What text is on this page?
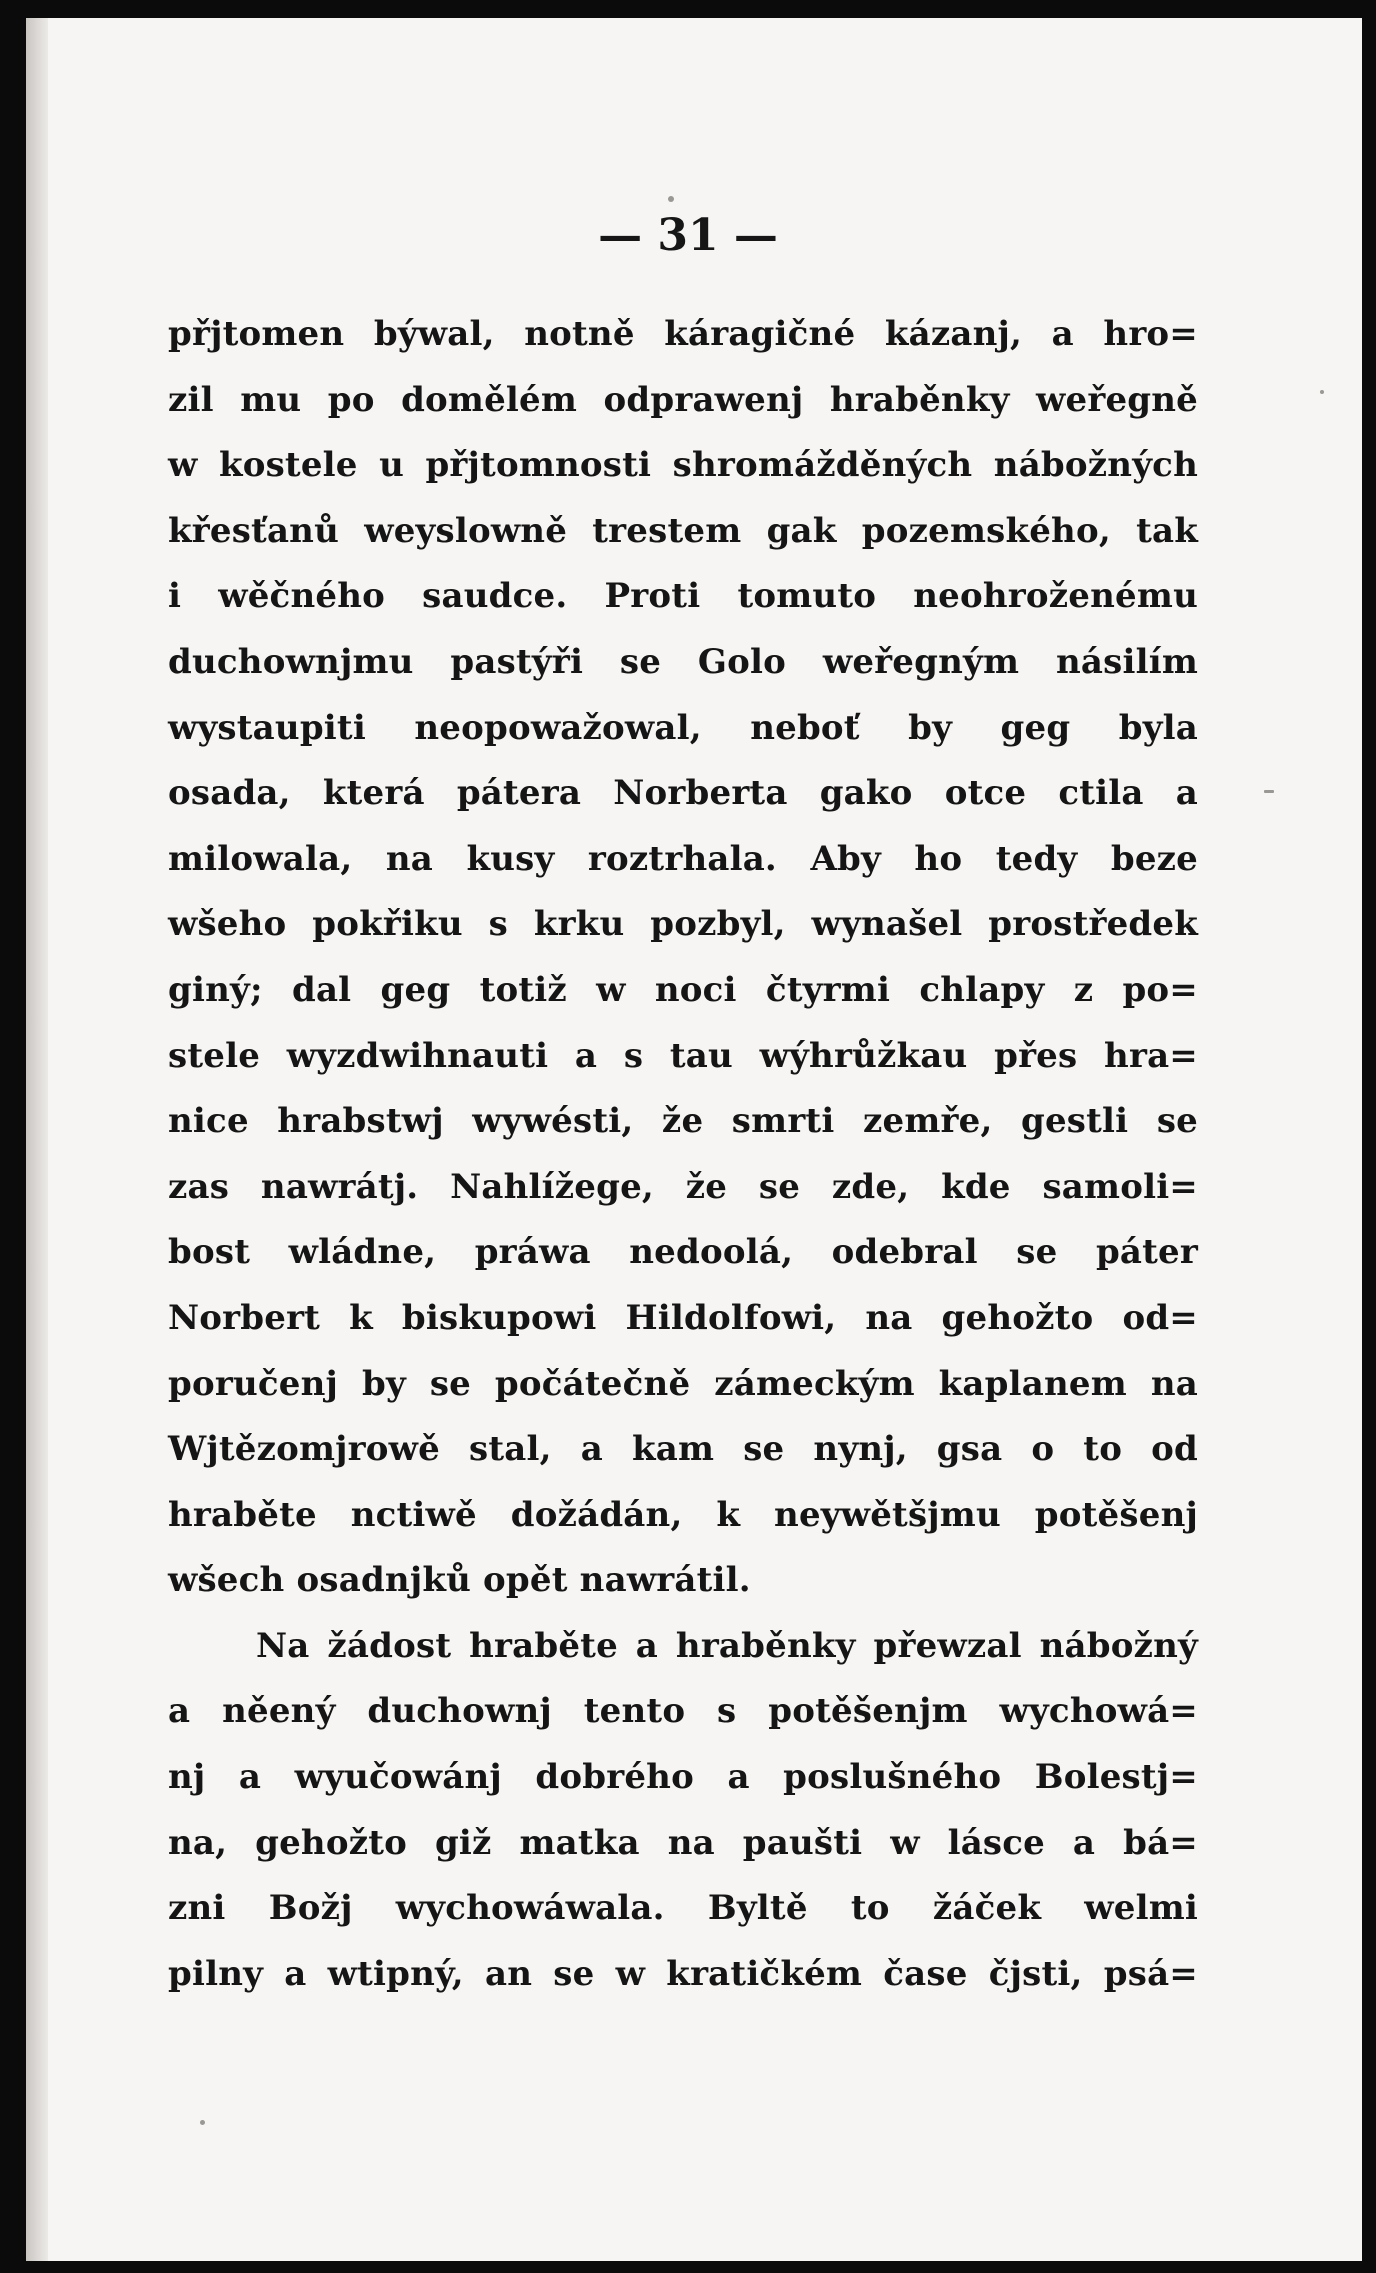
— 31 —
přjtomen býwal, notně káragičné kázanj, a hro=
zil mu po domělém odprawenj hraběnky weřegně
w kostele u přjtomnosti shromážděných nábožných
křesťanů weyslowně trestem gak pozemského, tak
i wěčného saudce. Proti tomuto neohroženému
duchownjmu pastýři se Golo weřegným násilím
wystaupiti neopowažowal, neboť by geg byla
osada, která pátera Norberta gako otce ctila a
milowala, na kusy roztrhala. Aby ho tedy beze
wšeho pokřiku s krku pozbyl, wynašel prostředek
giný; dal geg totiž w noci čtyrmi chlapy z po=
stele wyzdwihnauti a s tau wýhrůžkau přes hra=
nice hrabstwj wywésti, že smrti zemře, gestli se
zas nawrátj. Nahlížege, že se zde, kde samoli=
bost wládne, práwa nedoolá, odebral se páter
Norbert k biskupowi Hildolfowi, na gehožto od=
poručenj by se počátečně zámeckým kaplanem na
Wjtězomjrowě stal, a kam se nynj, gsa o to od
hraběte nctiwě dožádán, k neywětšjmu potěšenj
wšech osadnjků opět nawrátil.
Na žádost hraběte a hraběnky přewzal nábožný
a něený duchownj tento s potěšenjm wychowá=
nj a wyučowánj dobrého a poslušného Bolestj=
na, gehožto giž matka na paušti w lásce a bá=
zni Božj wychowáwala. Byltě to žáček welmi
pilny a wtipný, an se w kratičkém čase čjsti, psá=
